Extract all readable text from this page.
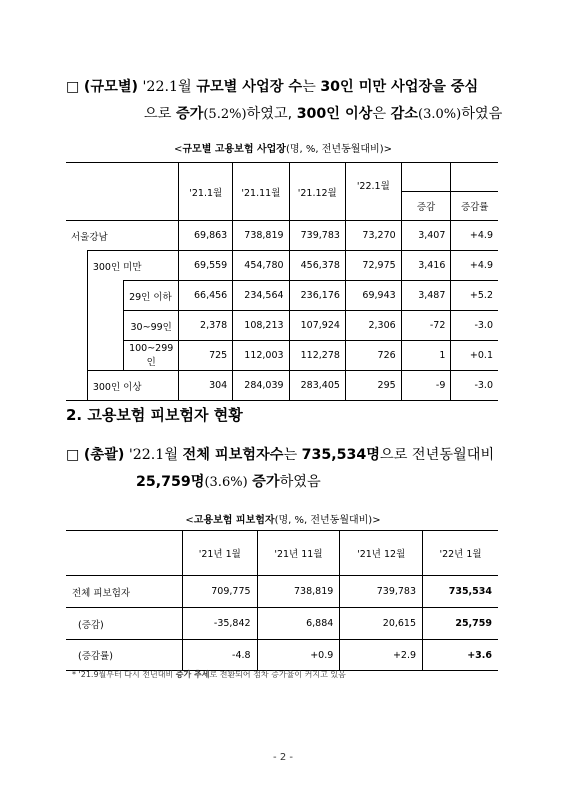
□ (규모별) '22.1월 규모별 사업장 수는 30인 미만 사업장을 중심
으로 증가(5.2%)하였고, 300인 이상은 감소(3.0%)하였음
<규모별 고용보험 사업장(명, %, 전년동월대비)>
			'21.1월	'21.11월	'21.12월	'22.1월		
							증감	증감률
서울강남			69,863	738,819	739,783	73,270	3,407	+4.9
	300인 미만		69,559	454,780	456,378	72,975	3,416	+4.9
		29인 이하	66,456	234,564	236,176	69,943	3,487	+5.2
		30~99인	2,378	108,213	107,924	2,306	-72	-3.0
		100~299인	725	112,003	112,278	726	1	+0.1
	300인 이상		304	284,039	283,405	295	-9	-3.0
2. 고용보험 피보험자 현황
□ (총괄) '22.1월 전체 피보험자수는 735,534명으로 전년동월대비
25,759명(3.6%) 증가하였음
<고용보험 피보험자(명, %, 전년동월대비)>
	'21년 1월	'21년 11월	'21년 12월	'22년 1월
전체 피보험자	709,775	738,819	739,783	735,534
(증감)	-35,842	6,884	20,615	25,759
(증감률)	-4.8	+0.9	+2.9	+3.6
* '21.9월부터 다시 전년대비 증가 추세로 전환되어 점차 증가율이 커지고 있음
- 2 -
